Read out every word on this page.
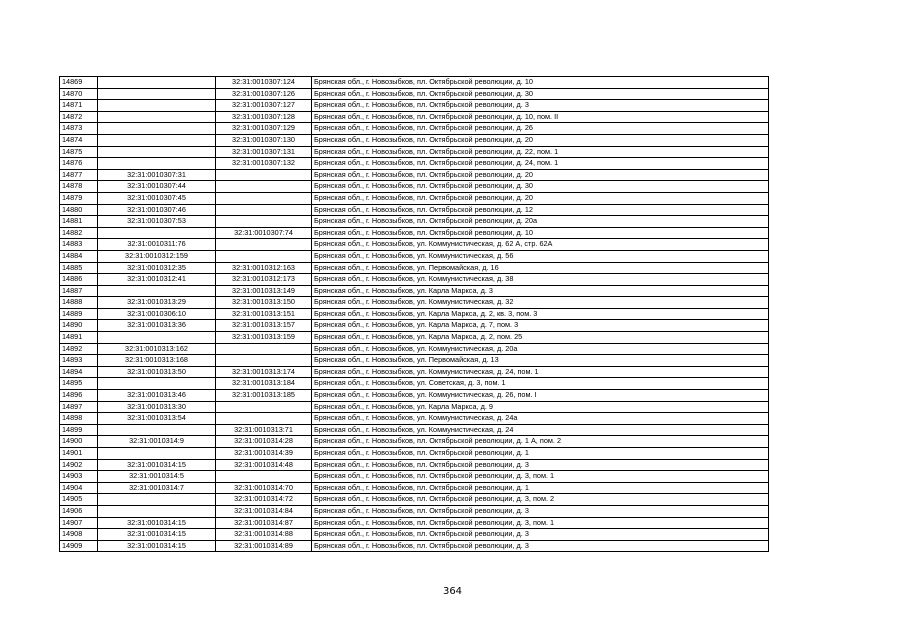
14869		32:31:0010307:124	Брянская обл., г. Новозыбков, пл. Октябрьской революции, д. 10
14870		32:31:0010307:126	Брянская обл., г. Новозыбков, пл. Октябрьской революции, д. 30
14871		32:31:0010307:127	Брянская обл., г. Новозыбков, пл. Октябрьской революции, д. 3
14872		32:31:0010307:128	Брянская обл., г. Новозыбков, пл. Октябрьской революции, д. 10, пом. II
14873		32:31:0010307:129	Брянская обл., г. Новозыбков, пл. Октябрьской революции, д. 26
14874		32:31:0010307:130	Брянская обл., г. Новозыбков, пл. Октябрьской революции, д. 20
14875		32:31:0010307:131	Брянская обл., г. Новозыбков, пл. Октябрьской революции, д. 22, пом. 1
14876		32:31:0010307:132	Брянская обл., г. Новозыбков, пл. Октябрьской революции, д. 24, пом. 1
14877	32:31:0010307:31		Брянская обл., г. Новозыбков, пл. Октябрьской революции, д. 20
14878	32:31:0010307:44		Брянская обл., г. Новозыбков, пл. Октябрьской революции, д. 30
14879	32:31:0010307:45		Брянская обл., г. Новозыбков, пл. Октябрьской революции, д. 20
14880	32:31:0010307:46		Брянская обл., г. Новозыбков, пл. Октябрьской революции, д. 12
14881	32:31:0010307:53		Брянская обл., г. Новозыбков, пл. Октябрьской революции, д. 20а
14882		32:31:0010307:74	Брянская обл., г. Новозыбков, пл. Октябрьской революции, д. 10
14883	32:31:0010311:76		Брянская обл., г. Новозыбков, ул. Коммунистическая, д. 62 А, стр. 62А
14884	32:31:0010312:159		Брянская обл., г. Новозыбков, ул. Коммунистическая, д. 56
14885	32:31:0010312:35	32:31:0010312:163	Брянская обл., г. Новозыбков, ул. Первомайская, д. 16
14886	32:31:0010312:41	32:31:0010312:173	Брянская обл., г. Новозыбков, ул. Коммунистическая, д. 38
14887		32:31:0010313:149	Брянская обл., г. Новозыбков, ул. Карла Маркса, д. 3
14888	32:31:0010313:29	32:31:0010313:150	Брянская обл., г. Новозыбков, ул. Коммунистическая, д. 32
14889	32:31:0010306:10	32:31:0010313:151	Брянская обл., г. Новозыбков, ул. Карла Маркса, д. 2, кв. 3, пом. 3
14890	32:31:0010313:36	32:31:0010313:157	Брянская обл., г. Новозыбков, ул. Карла Маркса, д. 7, пом. 3
14891		32:31:0010313:159	Брянская обл., г. Новозыбков, ул. Карла Маркса, д. 2, пом. 25
14892	32:31:0010313:162		Брянская обл., г. Новозыбков, ул. Коммунистическая, д. 20а
14893	32:31:0010313:168		Брянская обл., г. Новозыбков, ул. Первомайская, д. 13
14894	32:31:0010313:50	32:31:0010313:174	Брянская обл., г. Новозыбков, ул. Коммунистическая, д. 24, пом. 1
14895		32:31:0010313:184	Брянская обл., г. Новозыбков, ул. Советская, д. 3, пом. 1
14896	32:31:0010313:46	32:31:0010313:185	Брянская обл., г. Новозыбков, ул. Коммунистическая, д. 26, пом. I
14897	32:31:0010313:30		Брянская обл., г. Новозыбков, ул. Карла Маркса, д. 9
14898	32:31:0010313:54		Брянская обл., г. Новозыбков, ул. Коммунистическая, д. 24а
14899		32:31:0010313:71	Брянская обл., г. Новозыбков, ул. Коммунистическая, д. 24
14900	32:31:0010314:9	32:31:0010314:28	Брянская обл., г. Новозыбков, пл. Октябрьской революции, д. 1 А, пом. 2
14901		32:31:0010314:39	Брянская обл., г. Новозыбков, пл. Октябрьской революции, д. 1
14902	32:31:0010314:15	32:31:0010314:48	Брянская обл., г. Новозыбков, пл. Октябрьской революции, д. 3
14903	32:31:0010314:5		Брянская обл., г. Новозыбков, пл. Октябрьской революции, д. 3, пом. 1
14904	32:31:0010314:7	32:31:0010314:70	Брянская обл., г. Новозыбков, пл. Октябрьской революции, д. 1
14905		32:31:0010314:72	Брянская обл., г. Новозыбков, пл. Октябрьской революции, д. 3, пом. 2
14906		32:31:0010314:84	Брянская обл., г. Новозыбков, пл. Октябрьской революции, д. 3
14907	32:31:0010314:15	32:31:0010314:87	Брянская обл., г. Новозыбков, пл. Октябрьской революции, д. 3, пом. 1
14908	32:31:0010314:15	32:31:0010314:88	Брянская обл., г. Новозыбков, пл. Октябрьской революции, д. 3
14909	32:31:0010314:15	32:31:0010314:89	Брянская обл., г. Новозыбков, пл. Октябрьской революции, д. 3
364
